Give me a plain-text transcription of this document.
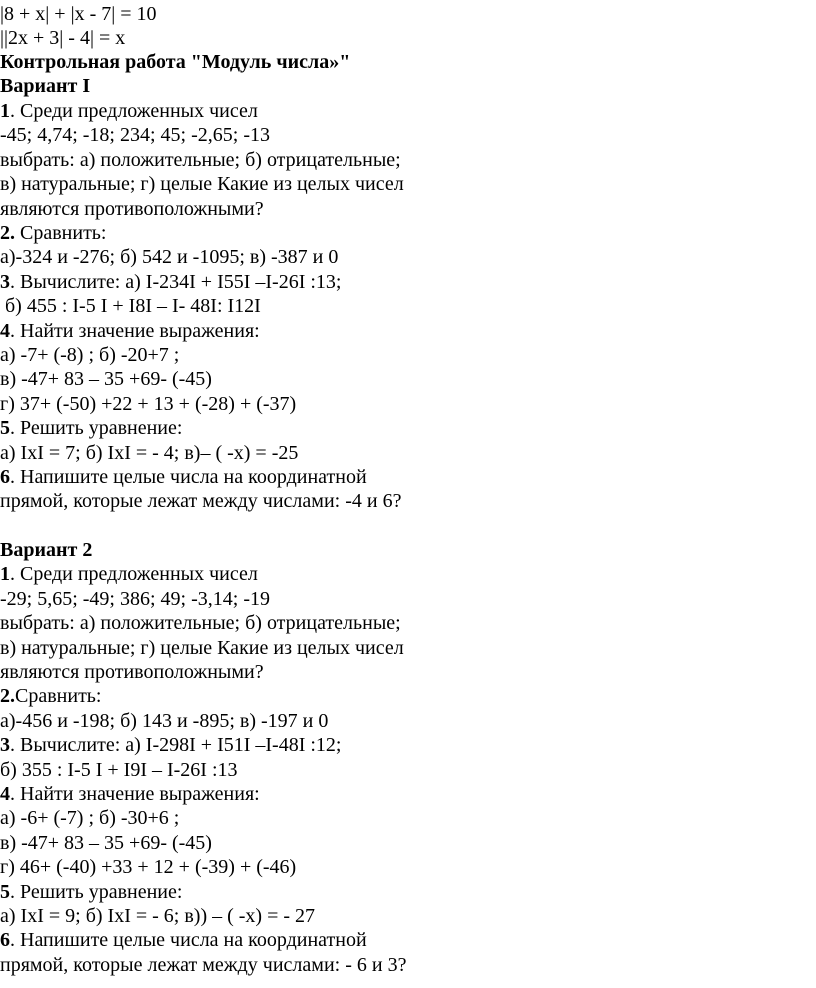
|8 + x| + |x - 7| = 10
||2x + 3| - 4| = x
Контрольная работа "Модуль числа»"
Вариант I
1. Среди предложенных чисел
-45; 4,74; -18; 234; 45; -2,65; -13
выбрать: а) положительные; б) отрицательные;
в) натуральные; г) целые Какие из целых чисел
являются противоположными?
2. Сравнить:
а)-324 и -276; б) 542 и -1095; в) -387 и 0
3. Вычислите: а) I-234I + I55I –I-26I :13;
б) 455 : I-5 I + I8I – I- 48I: I12I
4. Найти значение выражения:
а) -7+ (-8) ; б) -20+7 ;
в) -47+ 83 – 35 +69- (-45)
г) 37+ (-50) +22 + 13 + (-28) + (-37)
5. Решить уравнение:
а) IxI = 7; б) IxI = - 4; в)– ( -x) = -25
6. Напишите целые числа на координатной
прямой, которые лежат между числами: -4 и 6?
Вариант 2
1. Среди предложенных чисел
-29; 5,65; -49; 386; 49; -3,14; -19
выбрать: а) положительные; б) отрицательные;
в) натуральные; г) целые Какие из целых чисел
являются противоположными?
2.Сравнить:
а)-456 и -198; б) 143 и -895; в) -197 и 0
3. Вычислите: а) I-298I + I51I –I-48I :12;
б) 355 : I-5 I + I9I – I-26I :13
4. Найти значение выражения:
а) -6+ (-7) ; б) -30+6 ;
в) -47+ 83 – 35 +69- (-45)
г) 46+ (-40) +33 + 12 + (-39) + (-46)
5. Решить уравнение:
а) IxI = 9; б) IxI = - 6; в)) – ( -x) = - 27
6. Напишите целые числа на координатной
прямой, которые лежат между числами: - 6 и 3?
